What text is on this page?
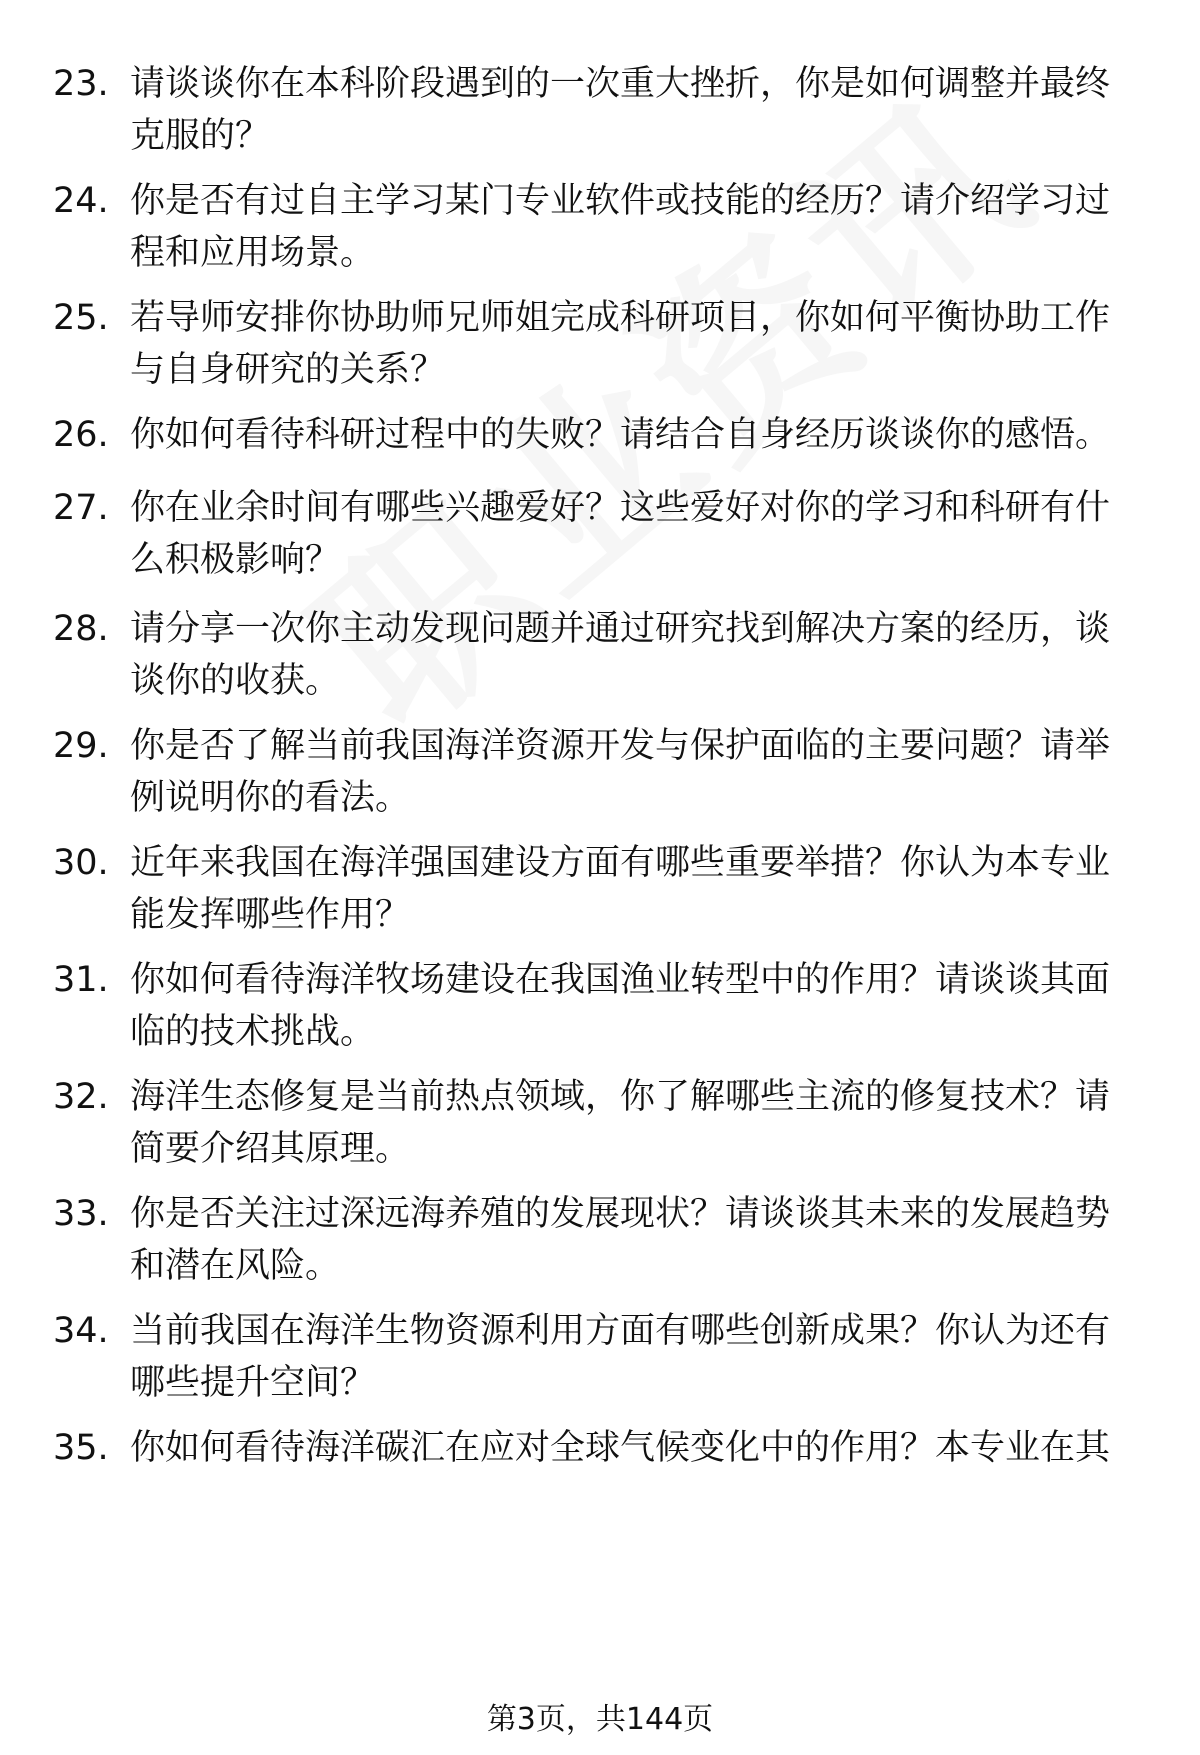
23. 请谈谈你在本科阶段遇到的一次重大挫折，你是如何调整并最终克服的？
24. 你是否有过自主学习某门专业软件或技能的经历？请介绍学习过程和应用场景。
25. 若导师安排你协助师兄师姐完成科研项目，你如何平衡协助工作与自身研究的关系？
26. 你如何看待科研过程中的失败？请结合自身经历谈谈你的感悟。
27. 你在业余时间有哪些兴趣爱好？这些爱好对你的学习和科研有什么积极影响？
28. 请分享一次你主动发现问题并通过研究找到解决方案的经历，谈谈你的收获。
29. 你是否了解当前我国海洋资源开发与保护面临的主要问题？请举例说明你的看法。
30. 近年来我国在海洋强国建设方面有哪些重要举措？你认为本专业能发挥哪些作用？
31. 你如何看待海洋牧场建设在我国渔业转型中的作用？请谈谈其面临的技术挑战。
32. 海洋生态修复是当前热点领域，你了解哪些主流的修复技术？请简要介绍其原理。
33. 你是否关注过深远海养殖的发展现状？请谈谈其未来的发展趋势和潜在风险。
34. 当前我国在海洋生物资源利用方面有哪些创新成果？你认为还有哪些提升空间？
35. 你如何看待海洋碳汇在应对全球气候变化中的作用？本专业在其
第3页，共144页
